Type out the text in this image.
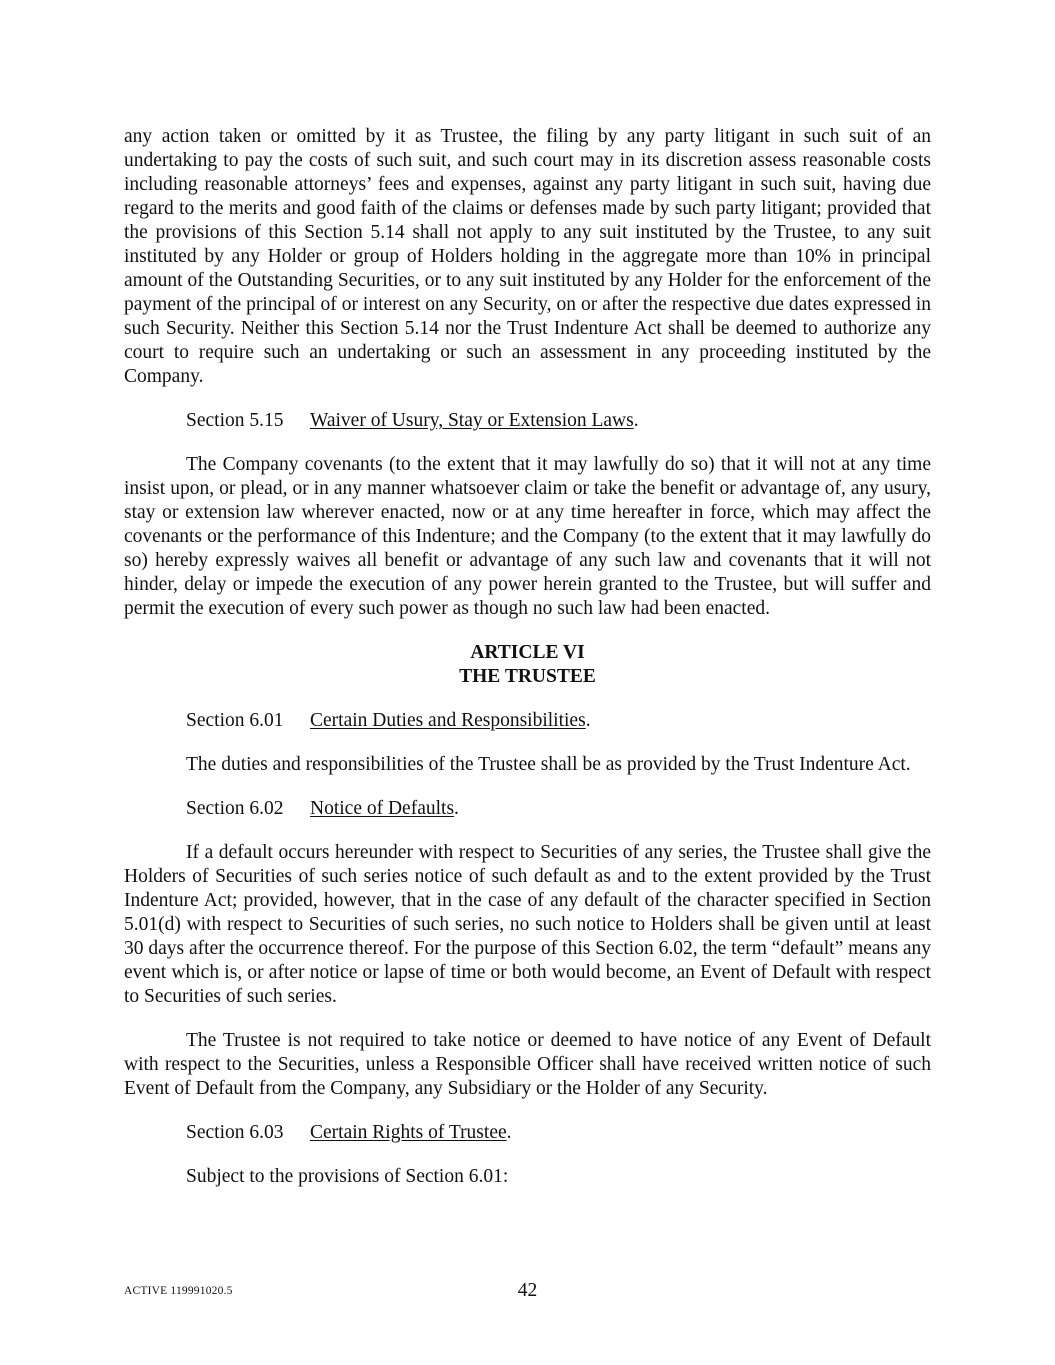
any action taken or omitted by it as Trustee, the filing by any party litigant in such suit of an undertaking to pay the costs of such suit, and such court may in its discretion assess reasonable costs including reasonable attorneys’ fees and expenses, against any party litigant in such suit, having due regard to the merits and good faith of the claims or defenses made by such party litigant; provided that the provisions of this Section 5.14 shall not apply to any suit instituted by the Trustee, to any suit instituted by any Holder or group of Holders holding in the aggregate more than 10% in principal amount of the Outstanding Securities, or to any suit instituted by any Holder for the enforcement of the payment of the principal of or interest on any Security, on or after the respective due dates expressed in such Security. Neither this Section 5.14 nor the Trust Indenture Act shall be deemed to authorize any court to require such an undertaking or such an assessment in any proceeding instituted by the Company.

Section 5.15 Waiver of Usury, Stay or Extension Laws.

The Company covenants (to the extent that it may lawfully do so) that it will not at any time insist upon, or plead, or in any manner whatsoever claim or take the benefit or advantage of, any usury, stay or extension law wherever enacted, now or at any time hereafter in force, which may affect the covenants or the performance of this Indenture; and the Company (to the extent that it may lawfully do so) hereby expressly waives all benefit or advantage of any such law and covenants that it will not hinder, delay or impede the execution of any power herein granted to the Trustee, but will suffer and permit the execution of every such power as though no such law had been enacted.

ARTICLE VI
THE TRUSTEE
Section 6.01 Certain Duties and Responsibilities.

The duties and responsibilities of the Trustee shall be as provided by the Trust Indenture Act.

Section 6.02 Notice of Defaults.

If a default occurs hereunder with respect to Securities of any series, the Trustee shall give the Holders of Securities of such series notice of such default as and to the extent provided by the Trust Indenture Act; provided, however, that in the case of any default of the character specified in Section 5.01(d) with respect to Securities of such series, no such notice to Holders shall be given until at least 30 days after the occurrence thereof. For the purpose of this Section 6.02, the term “default” means any event which is, or after notice or lapse of time or both would become, an Event of Default with respect to Securities of such series.

The Trustee is not required to take notice or deemed to have notice of any Event of Default with respect to the Securities, unless a Responsible Officer shall have received written notice of such Event of Default from the Company, any Subsidiary or the Holder of any Security.

Section 6.03 Certain Rights of Trustee.

Subject to the provisions of Section 6.01:

ACTIVE 119991020.5	42
